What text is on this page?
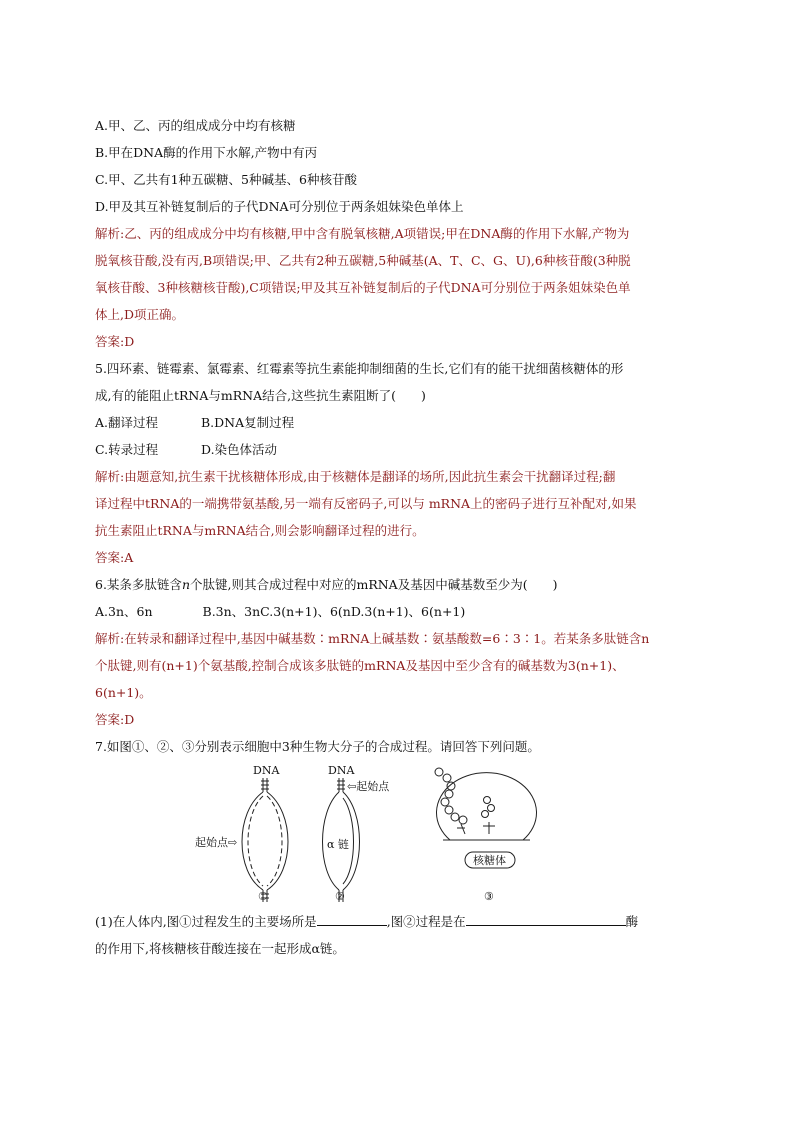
A.甲、乙、丙的组成成分中均有核糖
B.甲在DNA酶的作用下水解,产物中有丙
C.甲、乙共有1种五碳糖、5种碱基、6种核苷酸
D.甲及其互补链复制后的子代DNA可分别位于两条姐妹染色单体上
解析:乙、丙的组成成分中均有核糖,甲中含有脱氧核糖,A项错误;甲在DNA酶的作用下水解,产物为
脱氧核苷酸,没有丙,B项错误;甲、乙共有2种五碳糖,5种碱基(A、T、C、G、U),6种核苷酸(3种脱
氧核苷酸、3种核糖核苷酸),C项错误;甲及其互补链复制后的子代DNA可分别位于两条姐妹染色单
体上,D项正确。
答案:D
5.四环素、链霉素、氯霉素、红霉素等抗生素能抑制细菌的生长,它们有的能干扰细菌核糖体的形
成,有的能阻止tRNA与mRNA结合,这些抗生素阻断了(　　)
A.翻译过程	B.DNA复制过程
C.转录过程	D.染色体活动
解析:由题意知,抗生素干扰核糖体形成,由于核糖体是翻译的场所,因此抗生素会干扰翻译过程;翻
译过程中tRNA的一端携带氨基酸,另一端有反密码子,可以与 mRNA上的密码子进行互补配对,如果
抗生素阻止tRNA与mRNA结合,则会影响翻译过程的进行。
答案:A
6.某条多肽链含n个肽键,则其合成过程中对应的mRNA及基因中碱基数至少为(　　)
A.3n、6n　　　　B.3n、3nC.3(n+1)、6(nD.3(n+1)、6(n+1)
解析:在转录和翻译过程中,基因中碱基数∶mRNA上碱基数∶氨基酸数=6∶3∶1。若某条多肽链含n
个肽键,则有(n+1)个氨基酸,控制合成该多肽链的mRNA及基因中至少含有的碱基数为3(n+1)、
6(n+1)。
答案:D
7.如图①、②、③分别表示细胞中3种生物大分子的合成过程。请回答下列问题。
DNA
起始点⇨
①
DNA
α 链
⇦起始点
②
核糖体
③
(1)在人体内,图①过程发生的主要场所是	,图②过程是在	酶
的作用下,将核糖核苷酸连接在一起形成α链。
